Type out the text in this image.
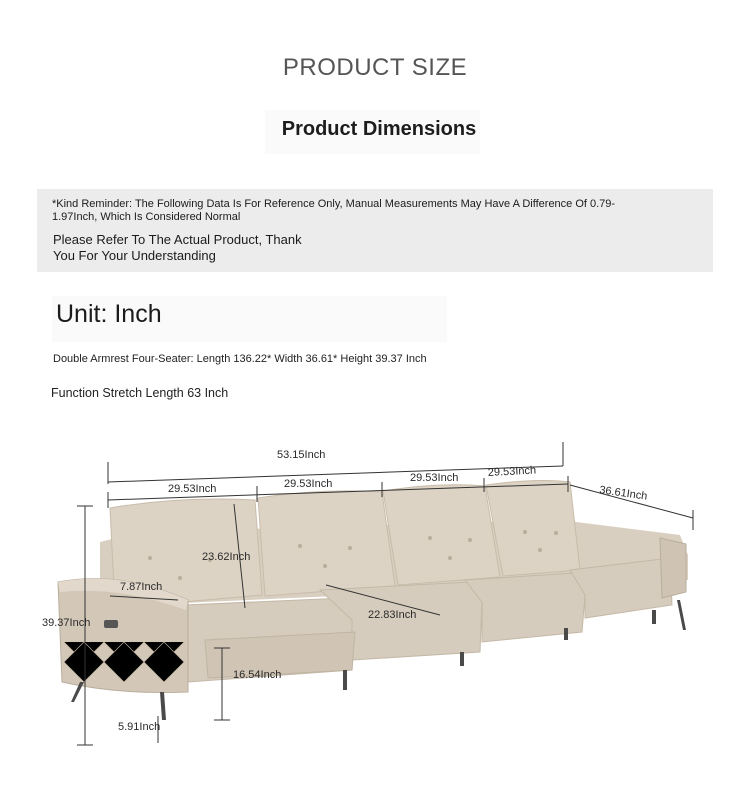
PRODUCT SIZE
Product Dimensions
*Kind Reminder: The Following Data Is For Reference Only, Manual Measurements May Have A Difference Of 0.79-1.97Inch, Which Is Considered Normal
Please Refer To The Actual Product, Thank
You For Your Understanding
Unit: Inch
Double Armrest Four-Seater: Length 136.22* Width 36.61* Height 39.37 Inch
Function Stretch Length 63 Inch
53.15Inch
29.53Inch	29.53Inch	29.53Inch	29.53Inch
36.61Inch
23.62Inch
7.87Inch
39.37Inch
22.83Inch
16.54Inch
5.91Inch
